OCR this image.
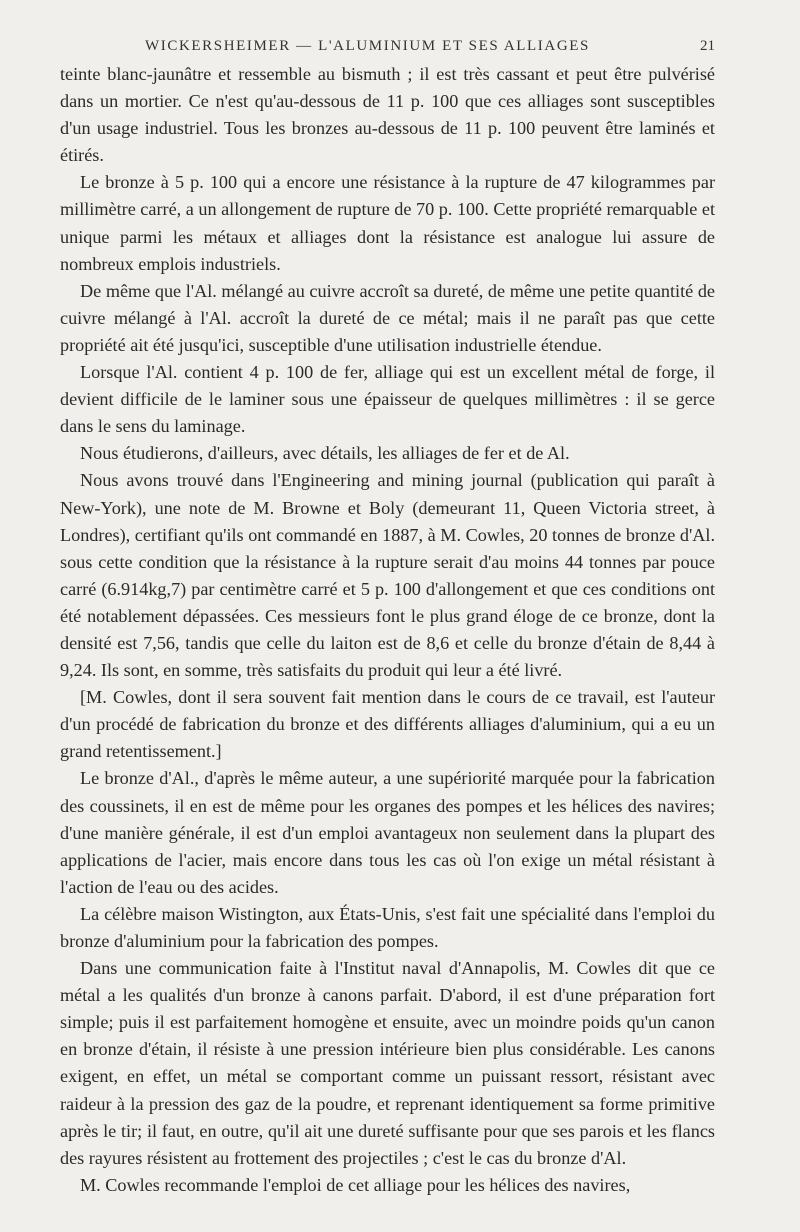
WICKERSHEIMER — L'ALUMINIUM ET SES ALLIAGES	21

teinte blanc-jaunâtre et ressemble au bismuth ; il est très cassant et peut être pulvérisé dans un mortier. Ce n'est qu'au-dessous de 11 p. 100 que ces alliages sont susceptibles d'un usage industriel. Tous les bronzes au-dessous de 11 p. 100 peuvent être laminés et étirés.

Le bronze à 5 p. 100 qui a encore une résistance à la rupture de 47 kilogrammes par millimètre carré, a un allongement de rupture de 70 p. 100. Cette propriété remarquable et unique parmi les métaux et alliages dont la résistance est analogue lui assure de nombreux emplois industriels.

De même que l'Al. mélangé au cuivre accroît sa dureté, de même une petite quantité de cuivre mélangé à l'Al. accroît la dureté de ce métal; mais il ne paraît pas que cette propriété ait été jusqu'ici, susceptible d'une utilisation industrielle étendue.

Lorsque l'Al. contient 4 p. 100 de fer, alliage qui est un excellent métal de forge, il devient difficile de le laminer sous une épaisseur de quelques millimètres : il se gerce dans le sens du laminage.

Nous étudierons, d'ailleurs, avec détails, les alliages de fer et de Al.

Nous avons trouvé dans l'Engineering and mining journal (publication qui paraît à New-York), une note de M. Browne et Boly (demeurant 11, Queen Victoria street, à Londres), certifiant qu'ils ont commandé en 1887, à M. Cowles, 20 tonnes de bronze d'Al. sous cette condition que la résistance à la rupture serait d'au moins 44 tonnes par pouce carré (6.914kg,7) par centimètre carré et 5 p. 100 d'allongement et que ces conditions ont été notablement dépassées. Ces messieurs font le plus grand éloge de ce bronze, dont la densité est 7,56, tandis que celle du laiton est de 8,6 et celle du bronze d'étain de 8,44 à 9,24. Ils sont, en somme, très satisfaits du produit qui leur a été livré.

[M. Cowles, dont il sera souvent fait mention dans le cours de ce travail, est l'auteur d'un procédé de fabrication du bronze et des différents alliages d'aluminium, qui a eu un grand retentissement.]

Le bronze d'Al., d'après le même auteur, a une supériorité marquée pour la fabrication des coussinets, il en est de même pour les organes des pompes et les hélices des navires; d'une manière générale, il est d'un emploi avantageux non seulement dans la plupart des applications de l'acier, mais encore dans tous les cas où l'on exige un métal résistant à l'action de l'eau ou des acides.

La célèbre maison Wistington, aux États-Unis, s'est fait une spécialité dans l'emploi du bronze d'aluminium pour la fabrication des pompes.

Dans une communication faite à l'Institut naval d'Annapolis, M. Cowles dit que ce métal a les qualités d'un bronze à canons parfait. D'abord, il est d'une préparation fort simple; puis il est parfaitement homogène et ensuite, avec un moindre poids qu'un canon en bronze d'étain, il résiste à une pression intérieure bien plus considérable. Les canons exigent, en effet, un métal se comportant comme un puissant ressort, résistant avec raideur à la pression des gaz de la poudre, et reprenant identiquement sa forme primitive après le tir; il faut, en outre, qu'il ait une dureté suffisante pour que ses parois et les flancs des rayures résistent au frottement des projectiles ; c'est le cas du bronze d'Al.

M. Cowles recommande l'emploi de cet alliage pour les hélices des navires,
